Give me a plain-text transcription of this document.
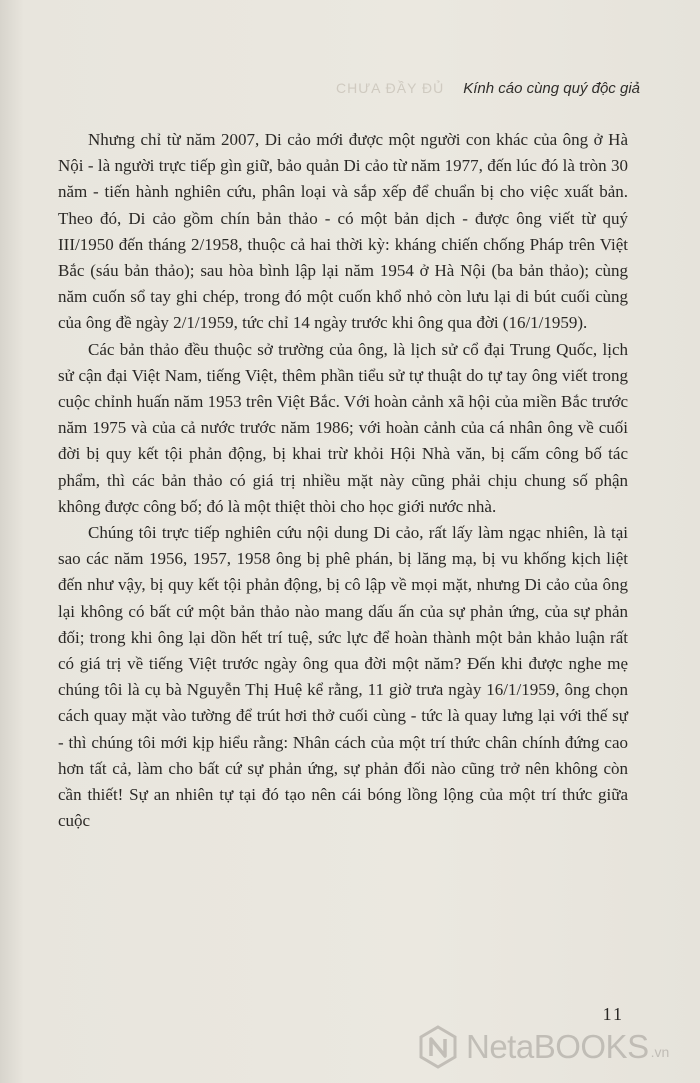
CHƯA ĐẦY ĐỦ Kính cáo cùng quý độc giả

Nhưng chỉ từ năm 2007, Di cảo mới được một người con khác của ông ở Hà Nội - là người trực tiếp gìn giữ, bảo quản Di cảo từ năm 1977, đến lúc đó là tròn 30 năm - tiến hành nghiên cứu, phân loại và sắp xếp để chuẩn bị cho việc xuất bản. Theo đó, Di cảo gồm chín bản thảo - có một bản dịch - được ông viết từ quý III/1950 đến tháng 2/1958, thuộc cả hai thời kỳ: kháng chiến chống Pháp trên Việt Bắc (sáu bản thảo); sau hòa bình lập lại năm 1954 ở Hà Nội (ba bản thảo); cùng năm cuốn sổ tay ghi chép, trong đó một cuốn khổ nhỏ còn lưu lại di bút cuối cùng của ông đề ngày 2/1/1959, tức chỉ 14 ngày trước khi ông qua đời (16/1/1959).

Các bản thảo đều thuộc sở trường của ông, là lịch sử cổ đại Trung Quốc, lịch sử cận đại Việt Nam, tiếng Việt, thêm phần tiểu sử tự thuật do tự tay ông viết trong cuộc chỉnh huấn năm 1953 trên Việt Bắc. Với hoàn cảnh xã hội của miền Bắc trước năm 1975 và của cả nước trước năm 1986; với hoàn cảnh của cá nhân ông về cuối đời bị quy kết tội phản động, bị khai trừ khỏi Hội Nhà văn, bị cấm công bố tác phẩm, thì các bản thảo có giá trị nhiều mặt này cũng phải chịu chung số phận không được công bố; đó là một thiệt thòi cho học giới nước nhà.

Chúng tôi trực tiếp nghiên cứu nội dung Di cảo, rất lấy làm ngạc nhiên, là tại sao các năm 1956, 1957, 1958 ông bị phê phán, bị lăng mạ, bị vu khống kịch liệt đến như vậy, bị quy kết tội phản động, bị cô lập về mọi mặt, nhưng Di cảo của ông lại không có bất cứ một bản thảo nào mang dấu ấn của sự phản ứng, của sự phản đối; trong khi ông lại dồn hết trí tuệ, sức lực để hoàn thành một bản khảo luận rất có giá trị về tiếng Việt trước ngày ông qua đời một năm? Đến khi được nghe mẹ chúng tôi là cụ bà Nguyễn Thị Huệ kể rằng, 11 giờ trưa ngày 16/1/1959, ông chọn cách quay mặt vào tường để trút hơi thở cuối cùng - tức là quay lưng lại với thế sự - thì chúng tôi mới kịp hiểu rằng: Nhân cách của một trí thức chân chính đứng cao hơn tất cả, làm cho bất cứ sự phản ứng, sự phản đối nào cũng trở nên không còn cần thiết! Sự an nhiên tự tại đó tạo nên cái bóng lồng lộng của một trí thức giữa cuộc

11
NetaBOOKS .vn
